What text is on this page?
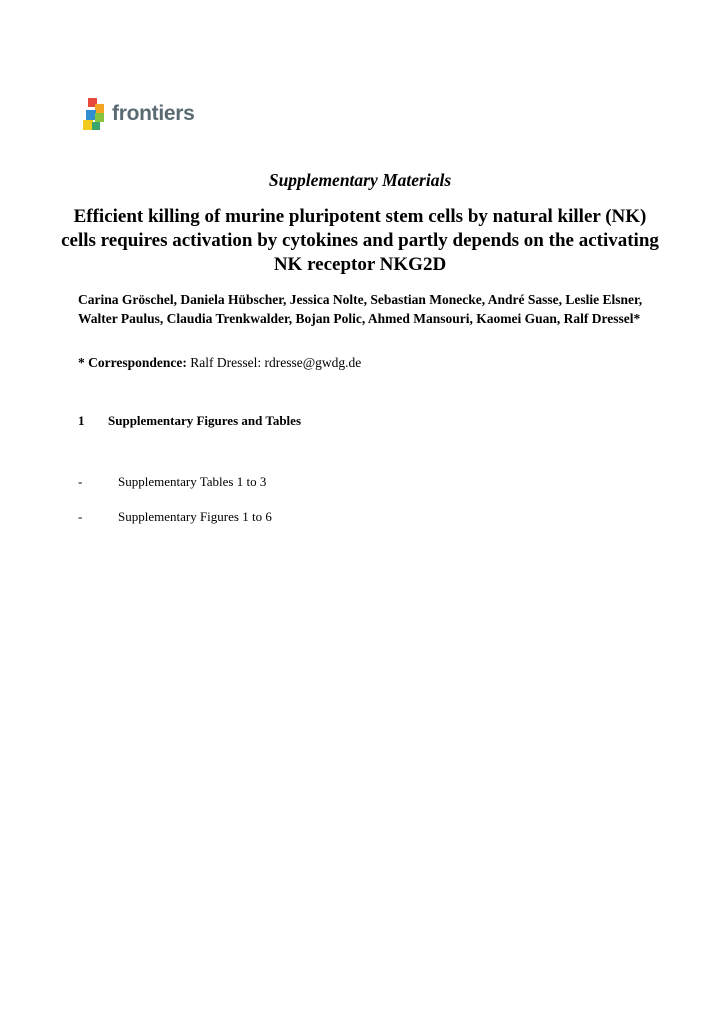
frontiers
Supplementary Materials
Efficient killing of murine pluripotent stem cells by natural killer (NK) cells requires activation by cytokines and partly depends on the activating NK receptor NKG2D
Carina Gröschel, Daniela Hübscher, Jessica Nolte, Sebastian Monecke, André Sasse, Leslie Elsner, Walter Paulus, Claudia Trenkwalder, Bojan Polic, Ahmed Mansouri, Kaomei Guan, Ralf Dressel*
* Correspondence: Ralf Dressel: rdresse@gwdg.de
1 Supplementary Figures and Tables
-	Supplementary Tables 1 to 3
-	Supplementary Figures 1 to 6
